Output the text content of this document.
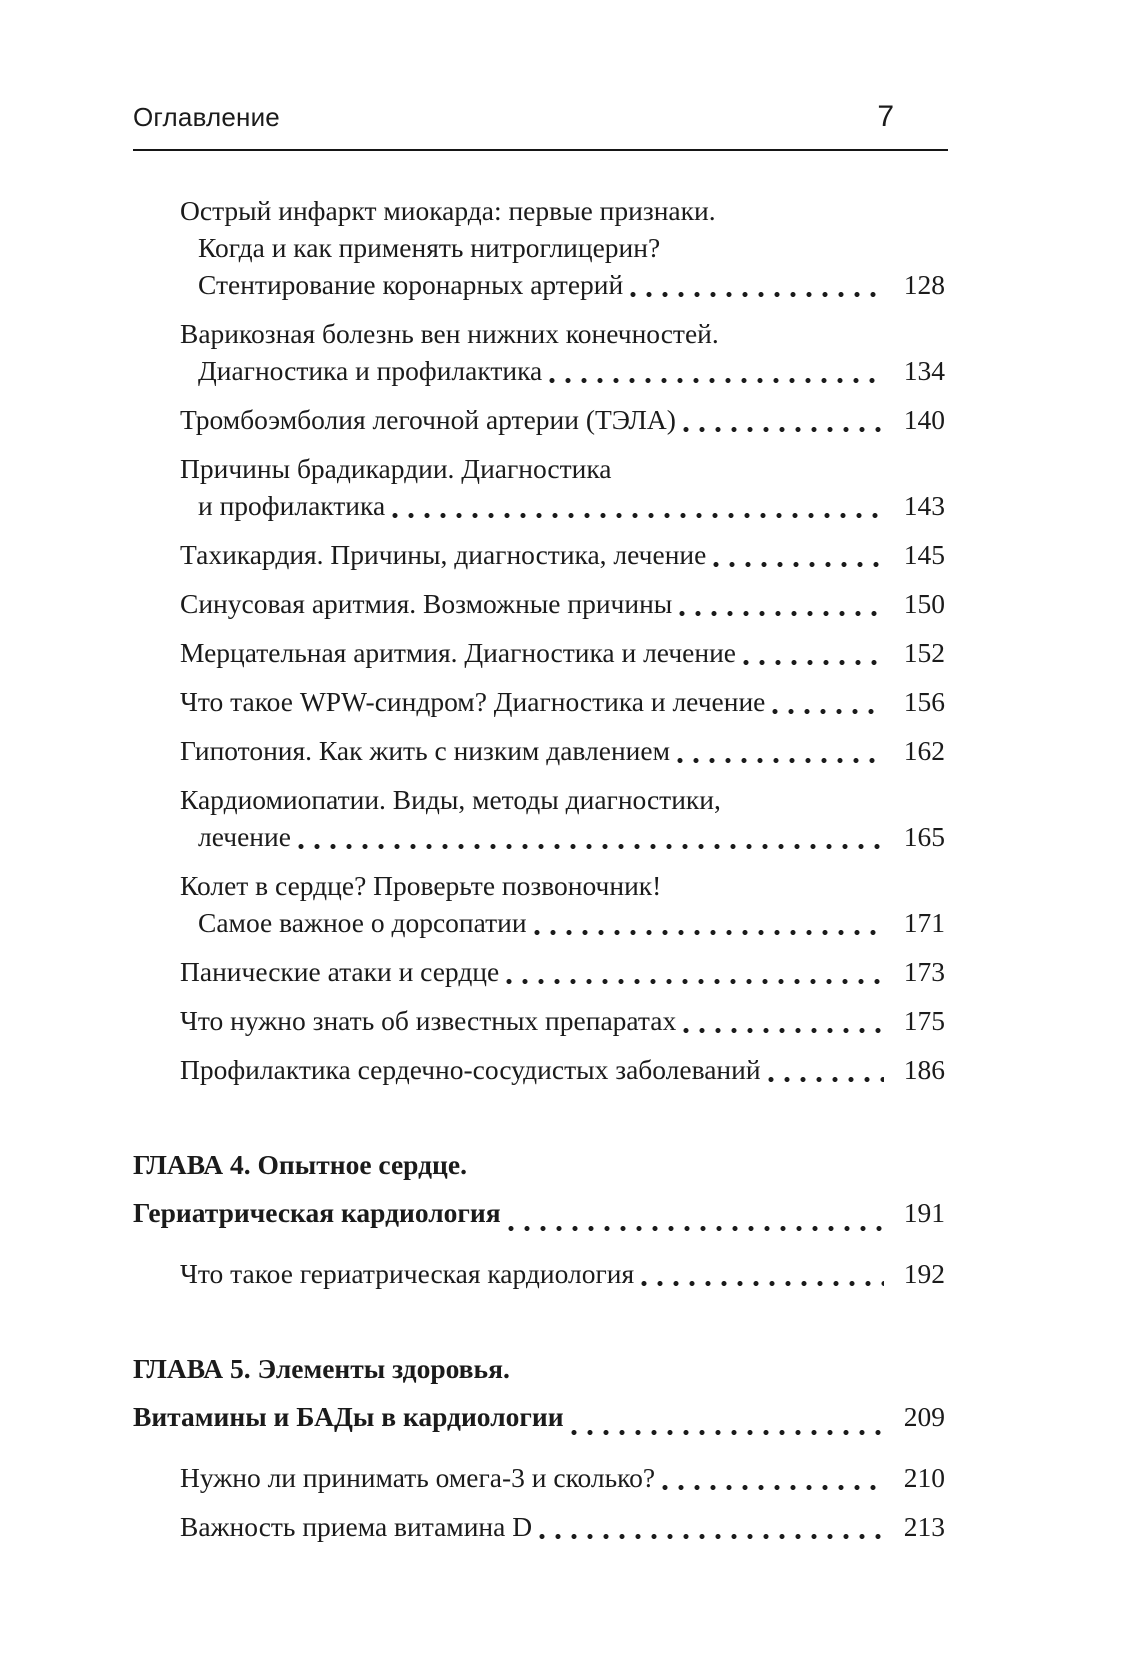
Оглавление	7
Острый инфаркт миокарда: первые признаки.
Когда и как применять нитроглицерин?
Стентирование коронарных артерий	128
Варикозная болезнь вен нижних конечностей.
Диагностика и профилактика	134
Тромбоэмболия легочной артерии (ТЭЛА)	140
Причины брадикардии. Диагностика
и профилактика	143
Тахикардия. Причины, диагностика, лечение	145
Синусовая аритмия. Возможные причины	150
Мерцательная аритмия. Диагностика и лечение	152
Что такое WPW-синдром? Диагностика и лечение	156
Гипотония. Как жить с низким давлением	162
Кардиомиопатии. Виды, методы диагностики,
лечение	165
Колет в сердце? Проверьте позвоночник!
Самое важное о дорсопатии	171
Панические атаки и сердце	173
Что нужно знать об известных препаратах	175
Профилактика сердечно-сосудистых заболеваний	186
ГЛАВА 4. Опытное сердце.
Гериатрическая кардиология	191
Что такое гериатрическая кардиология	192
ГЛАВА 5. Элементы здоровья.
Витамины и БАДы в кардиологии	209
Нужно ли принимать омега-3 и сколько?	210
Важность приема витамина D	213
